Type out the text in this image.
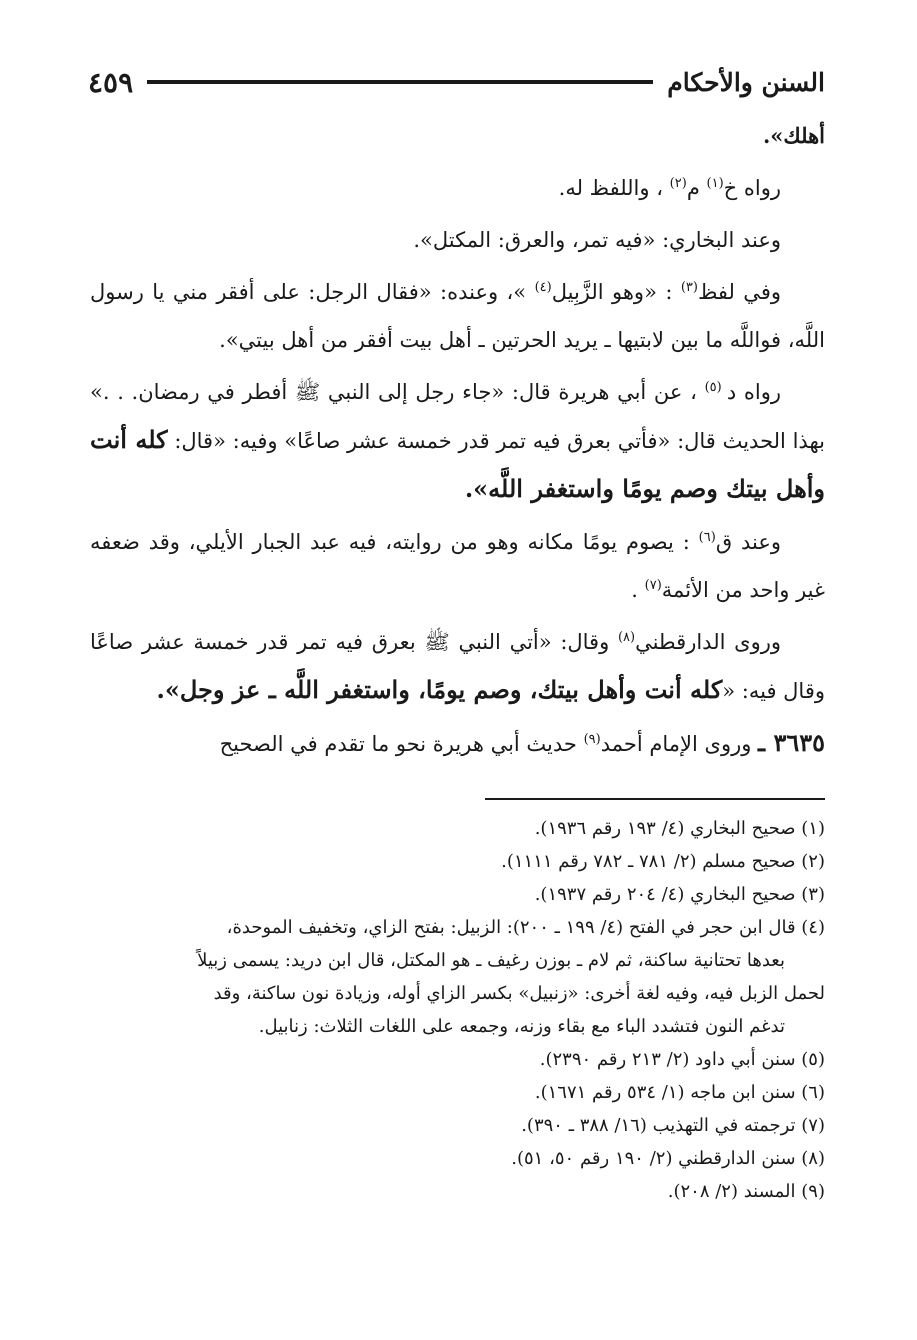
السنن والأحكام
٤٥٩

أهلك».

رواه خ$^{(١)}$ م$^{(٢)}$ ، واللفظ له.

وعند البخاري: «فيه تمر، والعرق: المكتل».

وفي لفظ$^{(٣)}$ : «وهو الزَّبِيل$^{(٤)}$ »، وعنده: «فقال الرجل: على أفقر مني يا رسول اللَّه، فواللَّه ما بين لابتيها ـ يريد الحرتين ـ أهل بيت أفقر من أهل بيتي».

رواه د $^{(٥)}$ ، عن أبي هريرة قال: «جاء رجل إلى النبي ﷺ أفطر في رمضان. . .» بهذا الحديث قال: «فأتي بعرق فيه تمر قدر خمسة عشر صاعًا» وفيه: «قال: كله أنت وأهل بيتك وصم يومًا واستغفر اللَّه».

وعند ق$^{(٦)}$ : يصوم يومًا مكانه وهو من روايته، فيه عبد الجبار الأيلي، وقد ضعفه غير واحد من الأئمة$^{(٧)}$ .

وروى الدارقطني$^{(٨)}$ وقال: «أتي النبي ﷺ بعرق فيه تمر قدر خمسة عشر صاعًا وقال فيه: «كله أنت وأهل بيتك، وصم يومًا، واستغفر اللَّه ـ عز وجل».

٣٦٣٥ ـ وروى الإمام أحمد$^{(٩)}$ حديث أبي هريرة نحو ما تقدم في الصحيح

(١) صحيح البخاري (٤/ ١٩٣ رقم ١٩٣٦).

(٢) صحيح مسلم (٢/ ٧٨١ ـ ٧٨٢ رقم ١١١١).

(٣) صحيح البخاري (٤/ ٢٠٤ رقم ١٩٣٧).

(٤) قال ابن حجر في الفتح (٤/ ١٩٩ ـ ٢٠٠): الزبيل: بفتح الزاي، وتخفيف الموحدة،

بعدها تحتانية ساكنة، ثم لام ـ بوزن رغيف ـ هو المكتل، قال ابن دريد: يسمى زبيلاً

لحمل الزبل فيه، وفيه لغة أخرى: «زنبيل» بكسر الزاي أوله، وزيادة نون ساكنة، وقد

تدغم النون فتشدد الباء مع بقاء وزنه، وجمعه على اللغات الثلاث: زنابيل.

(٥) سنن أبي داود (٢/ ٢١٣ رقم ٢٣٩٠).

(٦) سنن ابن ماجه (١/ ٥٣٤ رقم ١٦٧١).

(٧) ترجمته في التهذيب (١٦/ ٣٨٨ ـ ٣٩٠).

(٨) سنن الدارقطني (٢/ ١٩٠ رقم ٥٠، ٥١).

(٩) المسند (٢/ ٢٠٨).
